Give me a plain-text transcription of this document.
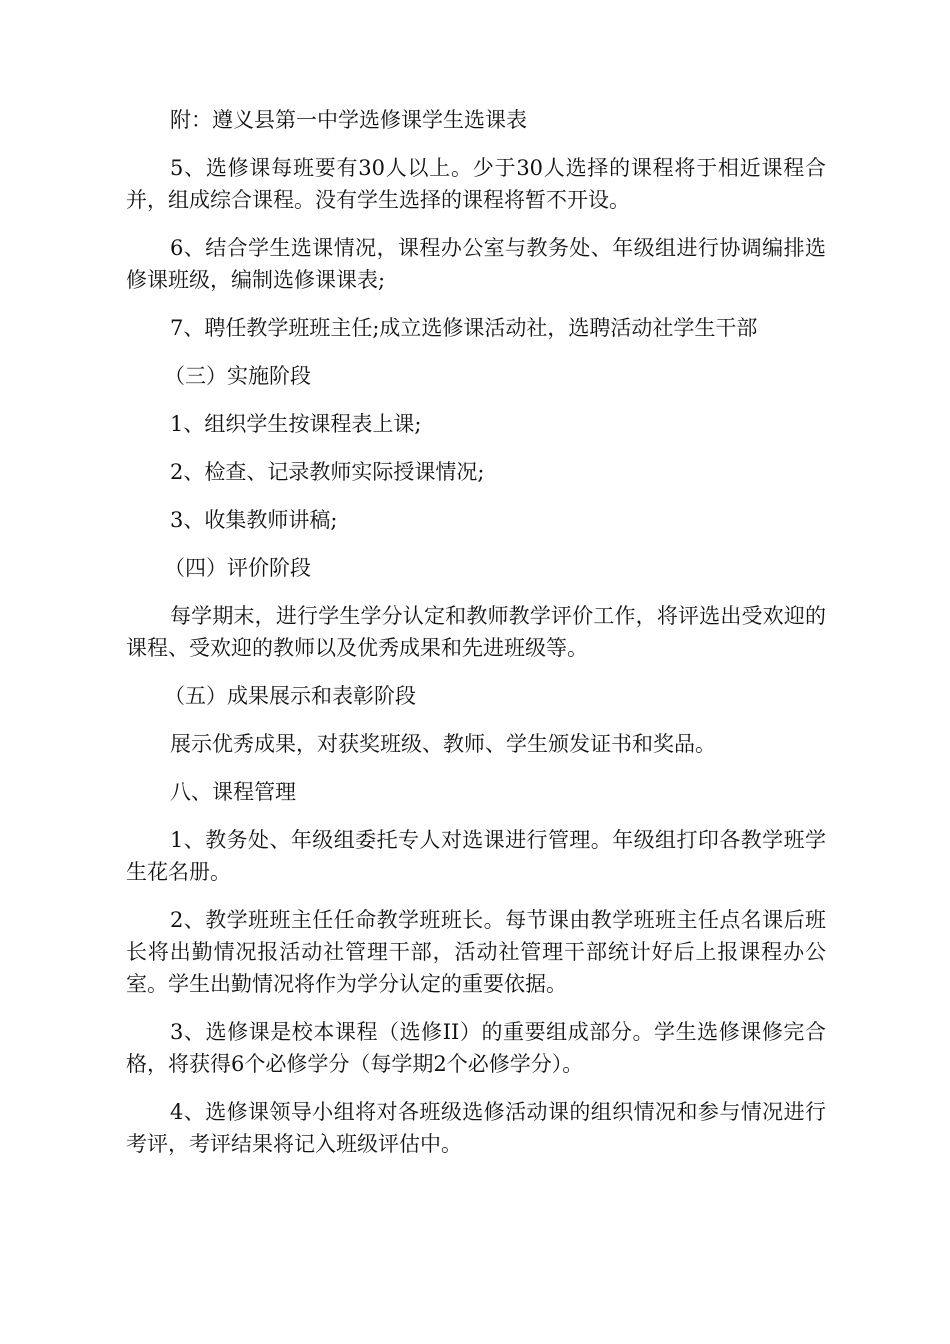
附：遵义县第一中学选修课学生选课表

5、选修课每班要有30人以上。少于30人选择的课程将于相近课程合并，组成综合课程。没有学生选择的课程将暂不开设。

6、结合学生选课情况，课程办公室与教务处、年级组进行协调编排选修课班级，编制选修课课表;

7、聘任教学班班主任;成立选修课活动社，选聘活动社学生干部

（三）实施阶段

1、组织学生按课程表上课;

2、检查、记录教师实际授课情况;

3、收集教师讲稿;

（四）评价阶段

每学期末，进行学生学分认定和教师教学评价工作，将评选出受欢迎的课程、受欢迎的教师以及优秀成果和先进班级等。

（五）成果展示和表彰阶段

展示优秀成果，对获奖班级、教师、学生颁发证书和奖品。

八、课程管理

1、教务处、年级组委托专人对选课进行管理。年级组打印各教学班学生花名册。

2、教学班班主任任命教学班班长。每节课由教学班班主任点名课后班长将出勤情况报活动社管理干部，活动社管理干部统计好后上报课程办公室。学生出勤情况将作为学分认定的重要依据。

3、选修课是校本课程（选修II）的重要组成部分。学生选修课修完合格，将获得6个必修学分（每学期2个必修学分）。

4、选修课领导小组将对各班级选修活动课的组织情况和参与情况进行考评，考评结果将记入班级评估中。
